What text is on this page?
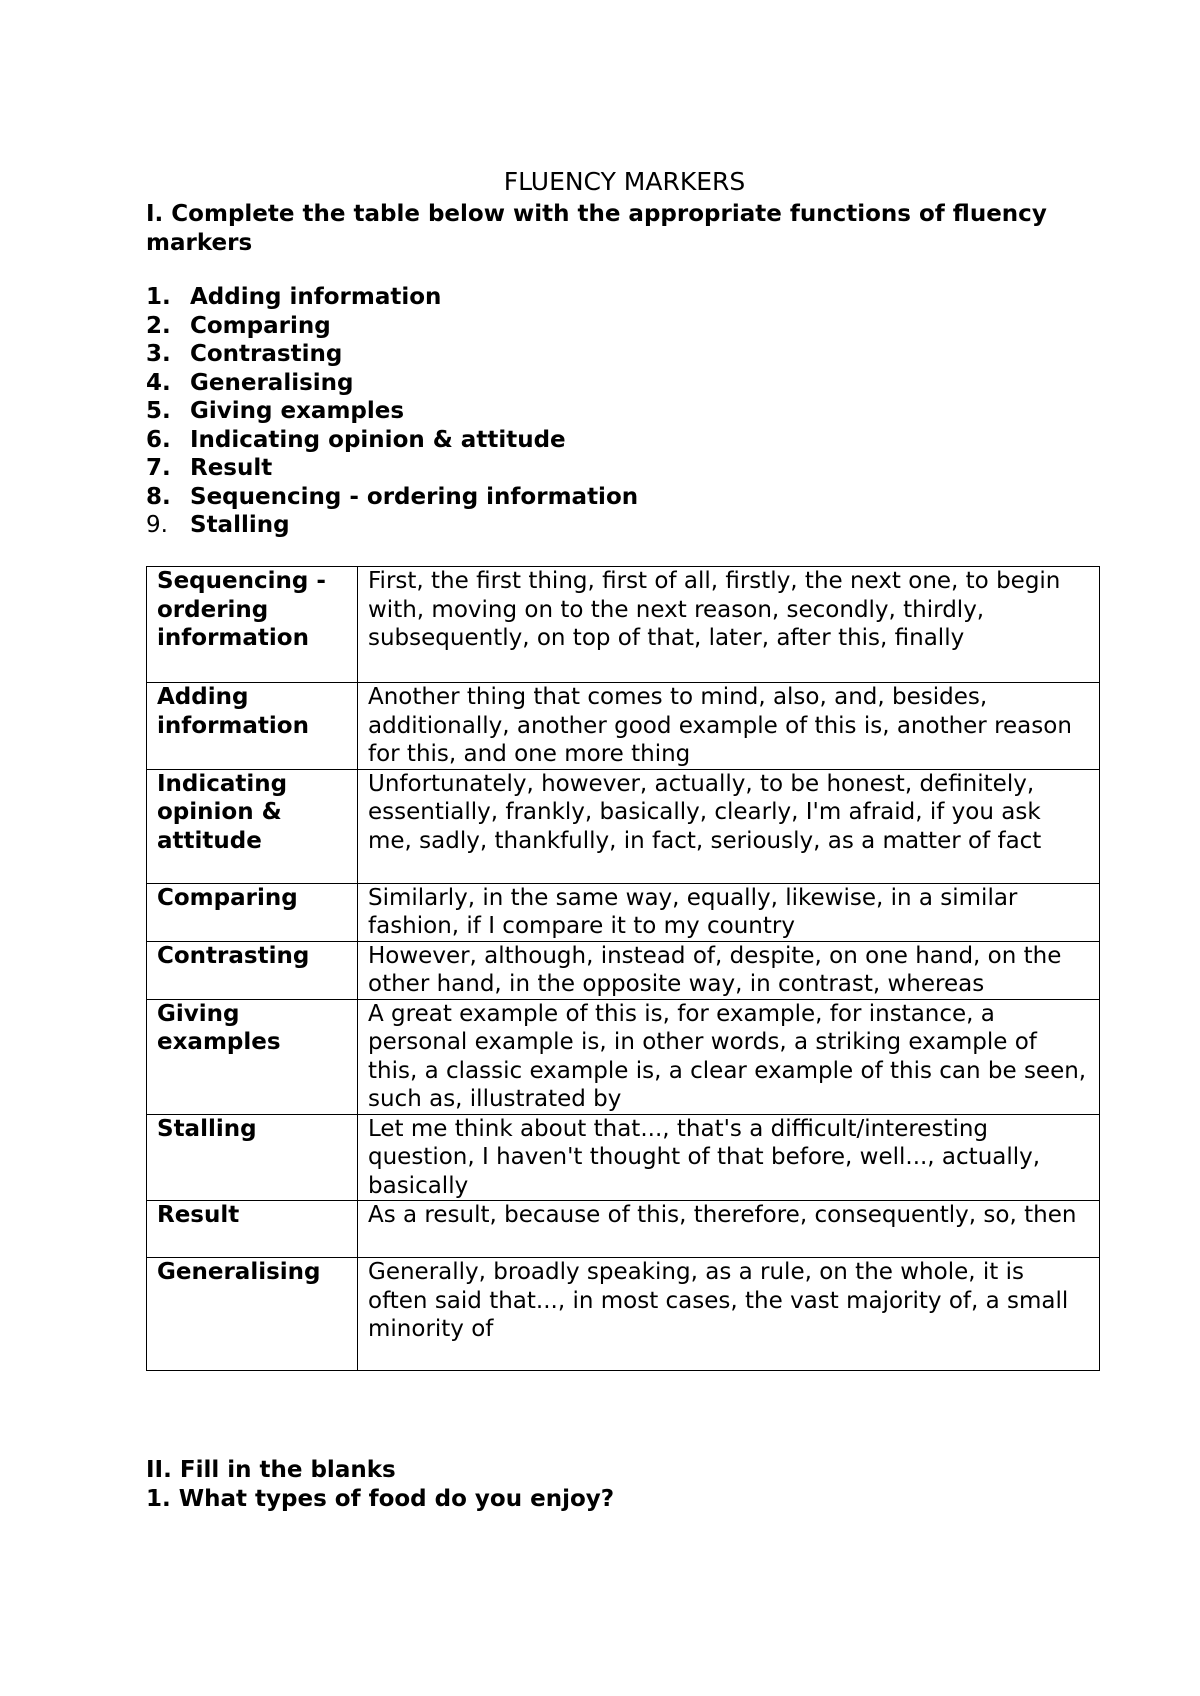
FLUENCY MARKERS

I. Complete the table below with the appropriate functions of fluency markers

1. Adding information
2. Comparing
3. Contrasting
4. Generalising
5. Giving examples
6. Indicating opinion & attitude
7. Result
8. Sequencing - ordering information
9. Stalling
Sequencing - ordering information	First, the first thing, first of all, firstly, the next one, to begin with, moving on to the next reason, secondly, thirdly, subsequently, on top of that, later, after this, finally
Adding information	Another thing that comes to mind, also, and, besides, additionally, another good example of this is, another reason for this, and one more thing
Indicating opinion & attitude	Unfortunately, however, actually, to be honest, definitely, essentially, frankly, basically, clearly, I'm afraid, if you ask me, sadly, thankfully, in fact, seriously, as a matter of fact
Comparing	Similarly, in the same way, equally, likewise, in a similar fashion, if I compare it to my country
Contrasting	However, although, instead of, despite, on one hand, on the other hand, in the opposite way, in contrast, whereas
Giving examples	A great example of this is, for example, for instance, a personal example is, in other words, a striking example of this, a classic example is, a clear example of this can be seen, such as, illustrated by
Stalling	Let me think about that..., that's a difficult/interesting question, I haven't thought of that before, well..., actually, basically
Result	As a result, because of this, therefore, consequently, so, then
Generalising	Generally, broadly speaking, as a rule, on the whole, it is often said that..., in most cases, the vast majority of, a small minority of

II. Fill in the blanks

1. What types of food do you enjoy?
